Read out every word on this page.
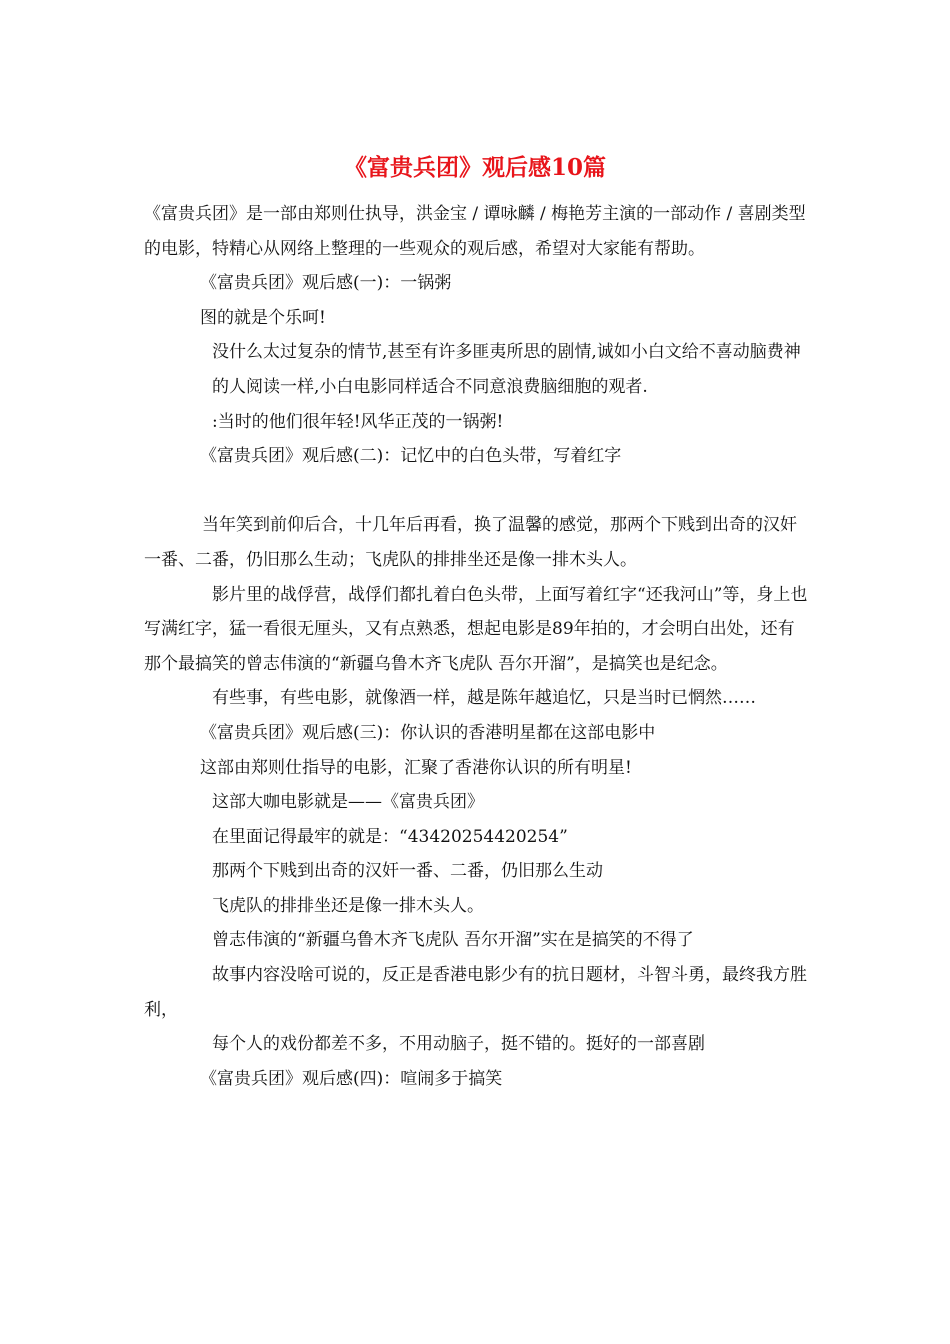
《富贵兵团》观后感10篇

《富贵兵团》是一部由郑则仕执导，洪金宝 / 谭咏麟 / 梅艳芳主演的一部动作 / 喜剧类型的电影，特精心从网络上整理的一些观众的观后感，希望对大家能有帮助。

《富贵兵团》观后感(一)：一锅粥

图的就是个乐呵!

没什么太过复杂的情节,甚至有许多匪夷所思的剧情,诚如小白文给不喜动脑费神的人阅读一样,小白电影同样适合不同意浪费脑细胞的观者.

:当时的他们很年轻!风华正茂的一锅粥!

《富贵兵团》观后感(二)：记忆中的白色头带，写着红字

当年笑到前仰后合，十几年后再看，换了温馨的感觉，那两个下贱到出奇的汉奸一番、二番，仍旧那么生动；飞虎队的排排坐还是像一排木头人。

影片里的战俘营，战俘们都扎着白色头带，上面写着红字“还我河山”等，身上也写满红字，猛一看很无厘头，又有点熟悉，想起电影是89年拍的，才会明白出处，还有那个最搞笑的曾志伟演的“新疆乌鲁木齐飞虎队 吾尔开溜”，是搞笑也是纪念。

有些事，有些电影，就像酒一样，越是陈年越追忆，只是当时已惘然……

《富贵兵团》观后感(三)：你认识的香港明星都在这部电影中

这部由郑则仕指导的电影，汇聚了香港你认识的所有明星!

这部大咖电影就是——《富贵兵团》

在里面记得最牢的就是：“43420254420254”

那两个下贱到出奇的汉奸一番、二番，仍旧那么生动

飞虎队的排排坐还是像一排木头人。

曾志伟演的“新疆乌鲁木齐飞虎队 吾尔开溜”实在是搞笑的不得了

故事内容没啥可说的，反正是香港电影少有的抗日题材，斗智斗勇，最终我方胜利，

每个人的戏份都差不多，不用动脑子，挺不错的。挺好的一部喜剧

《富贵兵团》观后感(四)：喧闹多于搞笑
